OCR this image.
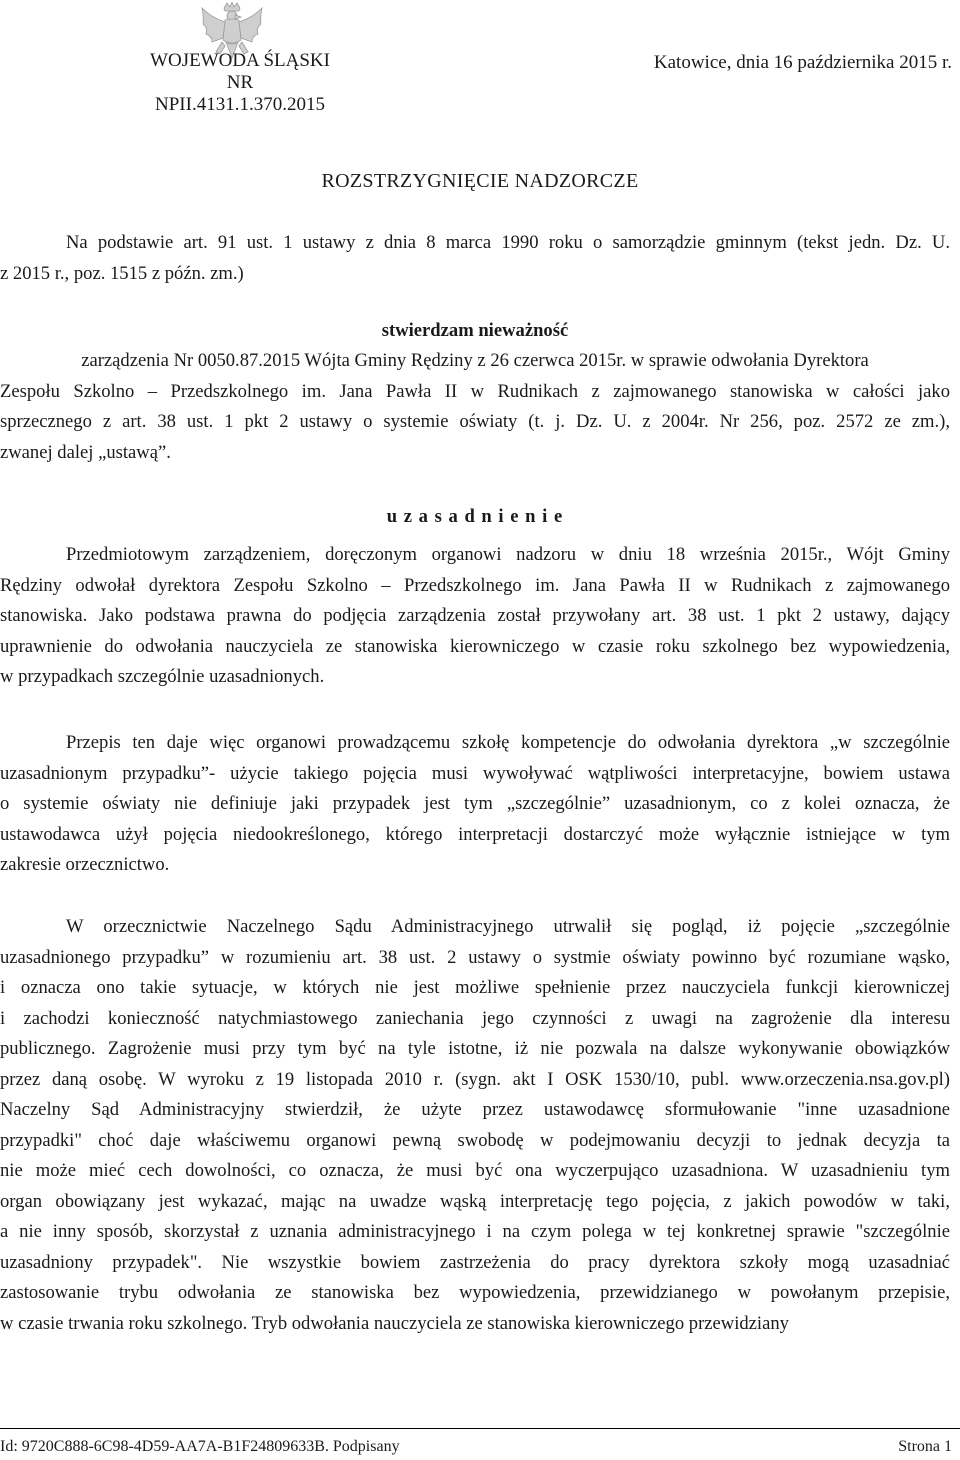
WOJEWODA ŚLĄSKI
NR NPII.4131.1.370.2015
Katowice, dnia 16 października 2015 r.
ROZSTRZYGNIĘCIE NADZORCZE
Na podstawie art. 91 ust. 1 ustawy z dnia 8 marca 1990 roku o samorządzie gminnym (tekst jedn. Dz. U.
z 2015 r., poz. 1515 z późn. zm.)
stwierdzam nieważność
zarządzenia Nr 0050.87.2015 Wójta Gminy Rędziny z 26 czerwca 2015r. w sprawie odwołania Dyrektora
Zespołu Szkolno – Przedszkolnego im. Jana Pawła II w Rudnikach z zajmowanego stanowiska w całości jako
sprzecznego z art. 38 ust. 1 pkt 2 ustawy o systemie oświaty (t. j. Dz. U. z 2004r. Nr 256, poz. 2572 ze zm.),
zwanej dalej „ustawą”.
u z a s a d n i e n i e
Przedmiotowym zarządzeniem, doręczonym organowi nadzoru w dniu 18 września 2015r., Wójt Gminy
Rędziny odwołał dyrektora Zespołu Szkolno – Przedszkolnego im. Jana Pawła II w Rudnikach z zajmowanego
stanowiska. Jako podstawa prawna do podjęcia zarządzenia został przywołany art. 38 ust. 1 pkt 2 ustawy, dający
uprawnienie do odwołania nauczyciela ze stanowiska kierowniczego w czasie roku szkolnego bez wypowiedzenia,
w przypadkach szczególnie uzasadnionych.
Przepis ten daje więc organowi prowadzącemu szkołę kompetencje do odwołania dyrektora „w szczególnie
uzasadnionym przypadku”- użycie takiego pojęcia musi wywoływać wątpliwości interpretacyjne, bowiem ustawa
o systemie oświaty nie definiuje jaki przypadek jest tym „szczególnie” uzasadnionym, co z kolei oznacza, że
ustawodawca użył pojęcia niedookreślonego, którego interpretacji dostarczyć może wyłącznie istniejące w tym
zakresie orzecznictwo.
W orzecznictwie Naczelnego Sądu Administracyjnego utrwalił się pogląd, iż pojęcie „szczególnie
uzasadnionego przypadku” w rozumieniu art. 38 ust. 2 ustawy o systmie oświaty powinno być rozumiane wąsko,
i oznacza ono takie sytuacje, w których nie jest możliwe spełnienie przez nauczyciela funkcji kierowniczej
i zachodzi konieczność natychmiastowego zaniechania jego czynności z uwagi na zagrożenie dla interesu
publicznego. Zagrożenie musi przy tym być na tyle istotne, iż nie pozwala na dalsze wykonywanie obowiązków
przez daną osobę. W wyroku z 19 listopada 2010 r. (sygn. akt I OSK 1530/10, publ. www.orzeczenia.nsa.gov.pl)
Naczelny Sąd Administracyjny stwierdził, że użyte przez ustawodawcę sformułowanie "inne uzasadnione
przypadki" choć daje właściwemu organowi pewną swobodę w podejmowaniu decyzji to jednak decyzja ta
nie może mieć cech dowolności, co oznacza, że musi być ona wyczerpująco uzasadniona. W uzasadnieniu tym
organ obowiązany jest wykazać, mając na uwadze wąską interpretację tego pojęcia, z jakich powodów w taki,
a nie inny sposób, skorzystał z uznania administracyjnego i na czym polega w tej konkretnej sprawie "szczególnie
uzasadniony przypadek". Nie wszystkie bowiem zastrzeżenia do pracy dyrektora szkoły mogą uzasadniać
zastosowanie trybu odwołania ze stanowiska bez wypowiedzenia, przewidzianego w powołanym przepisie,
w czasie trwania roku szkolnego. Tryb odwołania nauczyciela ze stanowiska kierowniczego przewidziany
Id: 9720C888-6C98-4D59-AA7A-B1F24809633B. Podpisany	Strona 1
